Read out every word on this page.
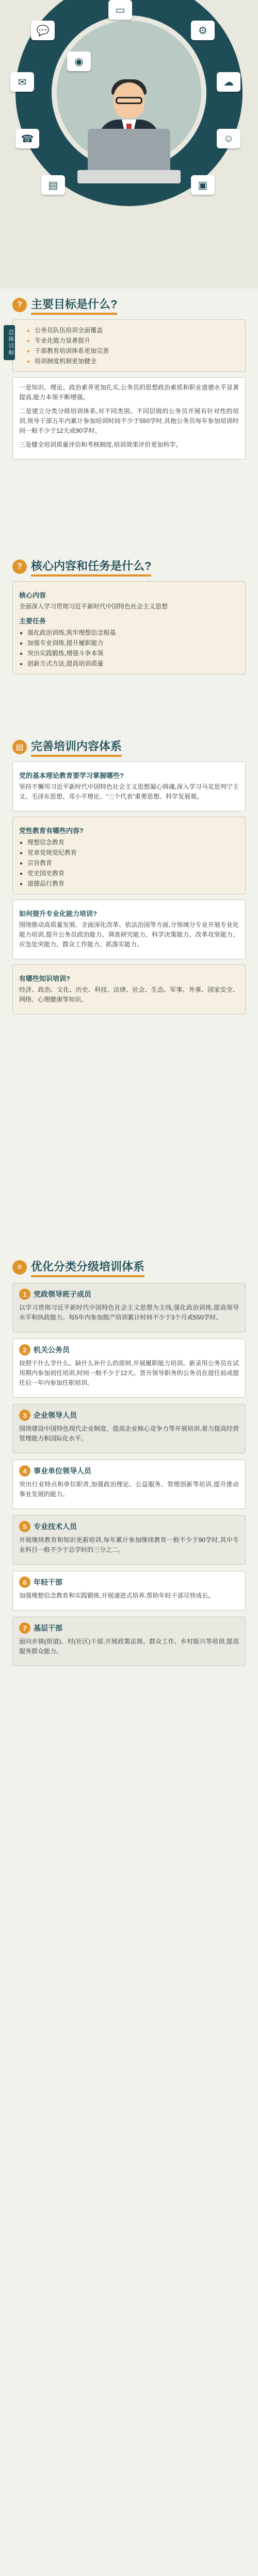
💬
▭
⚙
✉	☁
☎	☺
▤	▣
◉
? 主要目标是什么?
总体目标
•	公务员队伍培训全面覆盖
• 专业化能力显著提升
• 干部教育培训体系更加完善
• 培训制度机制更加健全

一是知识、理论、政治素养更加扎实,公务员的思想政治素质和职业道德水平显著提高,能力本领不断增强。

二是建立分类分级培训体系,对不同类别、不同层级的公务员开展有针对性的培训,领导干部五年内累计参加培训时间不少于550学时,其他公务员每年参加培训时间一般不少于12天或90学时。

三是健全培训质量评估和考核制度,培训效果评价更加科学。

? 核心内容和任务是什么?
核心内容

全面深入学习贯彻习近平新时代中国特色社会主义思想

主要任务
• 强化政治训练,筑牢理想信念根基
• 加强专业训练,提升履职能力
• 突出实践锻炼,增强斗争本领
• 创新方式方法,提高培训质量
▤ 完善培训内容体系
党的基本理论教育要学习掌握哪些?

坚持不懈用习近平新时代中国特色社会主义思想凝心铸魂,深入学习马克思列宁主义、毛泽东思想、邓小平理论、“三个代表”重要思想、科学发展观。

党性教育有哪些内容?
• 理想信念教育
• 党章党规党纪教育
• 宗旨教育
• 党史国史教育
• 道德品行教育
如何提升专业化能力培训?

围绕推动高质量发展、全面深化改革、依法治国等方面,分领域分专业开展专业化能力培训,提升公务员政治能力、调查研究能力、科学决策能力、改革攻坚能力、应急处突能力、群众工作能力、抓落实能力。

有哪些知识培训?

经济、政治、文化、历史、科技、法律、社会、生态、军事、外事、国家安全、网络、心理健康等知识。

≡ 优化分类分级培训体系
1 党政领导班子成员

以学习贯彻习近平新时代中国特色社会主义思想为主线,强化政治训练,提高领导水平和执政能力。每5年内参加脱产培训累计时间不少于3个月或550学时。

2 机关公务员

按照干什么学什么、缺什么补什么的原则,开展履职能力培训。新录用公务员在试用期内参加初任培训,时间一般不少于12天。晋升领导职务的公务员在提任前或提任后一年内参加任职培训。

3 企业领导人员

围绕建设中国特色现代企业制度、提高企业核心竞争力等开展培训,着力提高经营管理能力和国际化水平。

4 事业单位领导人员

突出行业特点和单位职责,加强政治理论、公益服务、管理创新等培训,提升推动事业发展的能力。

5 专业技术人员

开展继续教育和知识更新培训,每年累计参加继续教育一般不少于90学时,其中专业科目一般不少于总学时的三分之二。

6 年轻干部

加强理想信念教育和实践锻炼,开展递进式培养,帮助年轻干部尽快成长。

7 基层干部

面向乡镇(街道)、村(社区)干部,开展政策法规、群众工作、乡村振兴等培训,提高服务群众能力。
